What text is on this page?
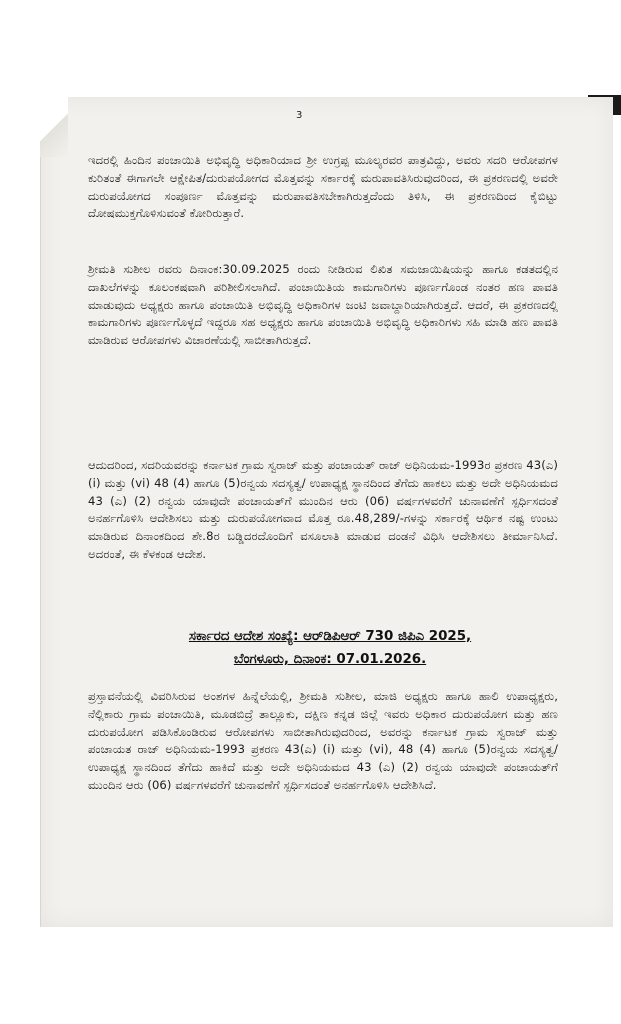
3
ಇದರಲ್ಲಿ ಹಿಂದಿನ ಪಂಚಾಯಿತಿ ಅಭಿವೃದ್ಧಿ ಅಧಿಕಾರಿಯಾದ ಶ್ರೀ ಉಗ್ರಪ್ಪ ಮೂಲ್ಯರವರ ಪಾತ್ರವಿದ್ದು, ಅವರು ಸದರಿ ಆರೋಪಗಳ ಕುರಿತಂತೆ ಈಗಾಗಲೇ ಆಕ್ಷೇಪಿತ/ದುರುಪಯೋಗದ ಮೊತ್ತವನ್ನು ಸರ್ಕಾರಕ್ಕೆ ಮರುಪಾವತಿಸಿರುವುದರಿಂದ, ಈ ಪ್ರಕರಣದಲ್ಲಿ ಅವರೇ ದುರುಪಯೋಗದ ಸಂಪೂರ್ಣ ಮೊತ್ತವನ್ನು ಮರುಪಾವತಿಸಬೇಕಾಗಿರುತ್ತದೆಂದು ತಿಳಿಸಿ, ಈ ಪ್ರಕರಣದಿಂದ ಕೈಬಿಟ್ಟು ದೋಷಮುಕ್ತಗೊಳಿಸುವಂತೆ ಕೋರಿರುತ್ತಾರೆ.
ಶ್ರೀಮತಿ ಸುಶೀಲ ರವರು ದಿನಾಂಕ:30.09.2025 ರಂದು ನೀಡಿರುವ ಲಿಖಿತ ಸಮಜಾಯಿಷಿಯನ್ನು ಹಾಗೂ ಕಡತದಲ್ಲಿನ ದಾಖಲೆಗಳನ್ನು ಕೂಲಂಕಷವಾಗಿ ಪರಿಶೀಲಿಸಲಾಗಿದೆ. ಪಂಚಾಯಿತಿಯ ಕಾಮಗಾರಿಗಳು ಪೂರ್ಣಗೊಂಡ ನಂತರ ಹಣ ಪಾವತಿ ಮಾಡುವುದು ಅಧ್ಯಕ್ಷರು ಹಾಗೂ ಪಂಚಾಯಿತಿ ಅಭಿವೃದ್ಧಿ ಅಧಿಕಾರಿಗಳ ಜಂಟಿ ಜವಾಬ್ದಾರಿಯಾಗಿರುತ್ತದೆ. ಆದರೆ, ಈ ಪ್ರಕರಣದಲ್ಲಿ ಕಾಮಗಾರಿಗಳು ಪೂರ್ಣಗೊಳ್ಳದೆ ಇದ್ದರೂ ಸಹ ಅಧ್ಯಕ್ಷರು ಹಾಗೂ ಪಂಚಾಯಿತಿ ಅಭಿವೃದ್ಧಿ ಅಧಿಕಾರಿಗಳು ಸಹಿ ಮಾಡಿ ಹಣ ಪಾವತಿ ಮಾಡಿರುವ ಆರೋಪಗಳು ವಿಚಾರಣೆಯಲ್ಲಿ ಸಾಬೀತಾಗಿರುತ್ತದೆ.
ಆದುದರಿಂದ, ಸದರಿಯವರನ್ನು ಕರ್ನಾಟಕ ಗ್ರಾಮ ಸ್ವರಾಜ್ ಮತ್ತು ಪಂಚಾಯತ್ ರಾಜ್ ಅಧಿನಿಯಮ-1993ರ ಪ್ರಕರಣ 43(ಎ) (i) ಮತ್ತು (vi) 48 (4) ಹಾಗೂ (5)ರನ್ವಯ ಸದಸ್ಯತ್ವ/ ಉಪಾಧ್ಯಕ್ಷ ಸ್ಥಾನದಿಂದ ತೆಗೆದು ಹಾಕಲು ಮತ್ತು ಅದೇ ಅಧಿನಿಯಮದ 43 (ಎ) (2) ರನ್ವಯ ಯಾವುದೇ ಪಂಚಾಯತ್‌ಗೆ ಮುಂದಿನ ಆರು (06) ವರ್ಷಗಳವರೆಗೆ ಚುನಾವಣೆಗೆ ಸ್ಪರ್ಧಿಸದಂತೆ ಅನರ್ಹಗೊಳಿಸಿ ಆದೇಶಿಸಲು ಮತ್ತು ದುರುಪಯೋಗವಾದ ಮೊತ್ತ ರೂ.48,289/-ಗಳನ್ನು ಸರ್ಕಾರಕ್ಕೆ ಆರ್ಥಿಕ ನಷ್ಟ ಉಂಟು ಮಾಡಿರುವ ದಿನಾಂಕದಿಂದ ಶೇ.8ರ ಬಡ್ಡಿದರದೊಂದಿಗೆ ವಸೂಲಾತಿ ಮಾಡುವ ದಂಡನೆ ವಿಧಿಸಿ ಆದೇಶಿಸಲು ತೀರ್ಮಾನಿಸಿದೆ. ಅದರಂತೆ, ಈ ಕೆಳಕಂಡ ಆದೇಶ.
ಸರ್ಕಾರದ ಆದೇಶ ಸಂಖ್ಯೆ: ಆರ್‌ಡಿಪಿಆರ್ 730 ಜಿಪಿಎ 2025,
ಬೆಂಗಳೂರು, ದಿನಾಂಕ: 07.01.2026.
ಪ್ರಸ್ತಾವನೆಯಲ್ಲಿ ವಿವರಿಸಿರುವ ಅಂಶಗಳ ಹಿನ್ನೆಲೆಯಲ್ಲಿ, ಶ್ರೀಮತಿ ಸುಶೀಲ, ಮಾಜಿ ಅಧ್ಯಕ್ಷರು ಹಾಗೂ ಹಾಲಿ ಉಪಾಧ್ಯಕ್ಷರು, ನೆಲ್ಲಿಕಾರು ಗ್ರಾಮ ಪಂಚಾಯಿತಿ, ಮೂಡಬಿದ್ರೆ ತಾಲ್ಲೂಕು, ದಕ್ಷಿಣ ಕನ್ನಡ ಜಿಲ್ಲೆ ಇವರು ಅಧಿಕಾರ ದುರುಪಯೋಗ ಮತ್ತು ಹಣ ದುರುಪಯೋಗ ಪಡಿಸಿಕೊಂಡಿರುವ ಆರೋಪಗಳು ಸಾಬೀತಾಗಿರುವುದರಿಂದ, ಅವರನ್ನು ಕರ್ನಾಟಕ ಗ್ರಾಮ ಸ್ವರಾಜ್ ಮತ್ತು ಪಂಚಾಯತ ರಾಜ್ ಅಧಿನಿಯಮ-1993 ಪ್ರಕರಣ 43(ಎ) (i) ಮತ್ತು (vi), 48 (4) ಹಾಗೂ (5)ರನ್ವಯ ಸದಸ್ಯತ್ವ/ ಉಪಾಧ್ಯಕ್ಷ ಸ್ಥಾನದಿಂದ ತೆಗೆದು ಹಾಕಿದೆ ಮತ್ತು ಅದೇ ಅಧಿನಿಯಮದ 43 (ಎ) (2) ರನ್ವಯ ಯಾವುದೇ ಪಂಚಾಯತ್‌ಗೆ ಮುಂದಿನ ಆರು (06) ವರ್ಷಗಳವರೆಗೆ ಚುನಾವಣೆಗೆ ಸ್ಪರ್ಧಿಸದಂತೆ ಅನರ್ಹಗೊಳಿಸಿ ಆದೇಶಿಸಿದೆ.
